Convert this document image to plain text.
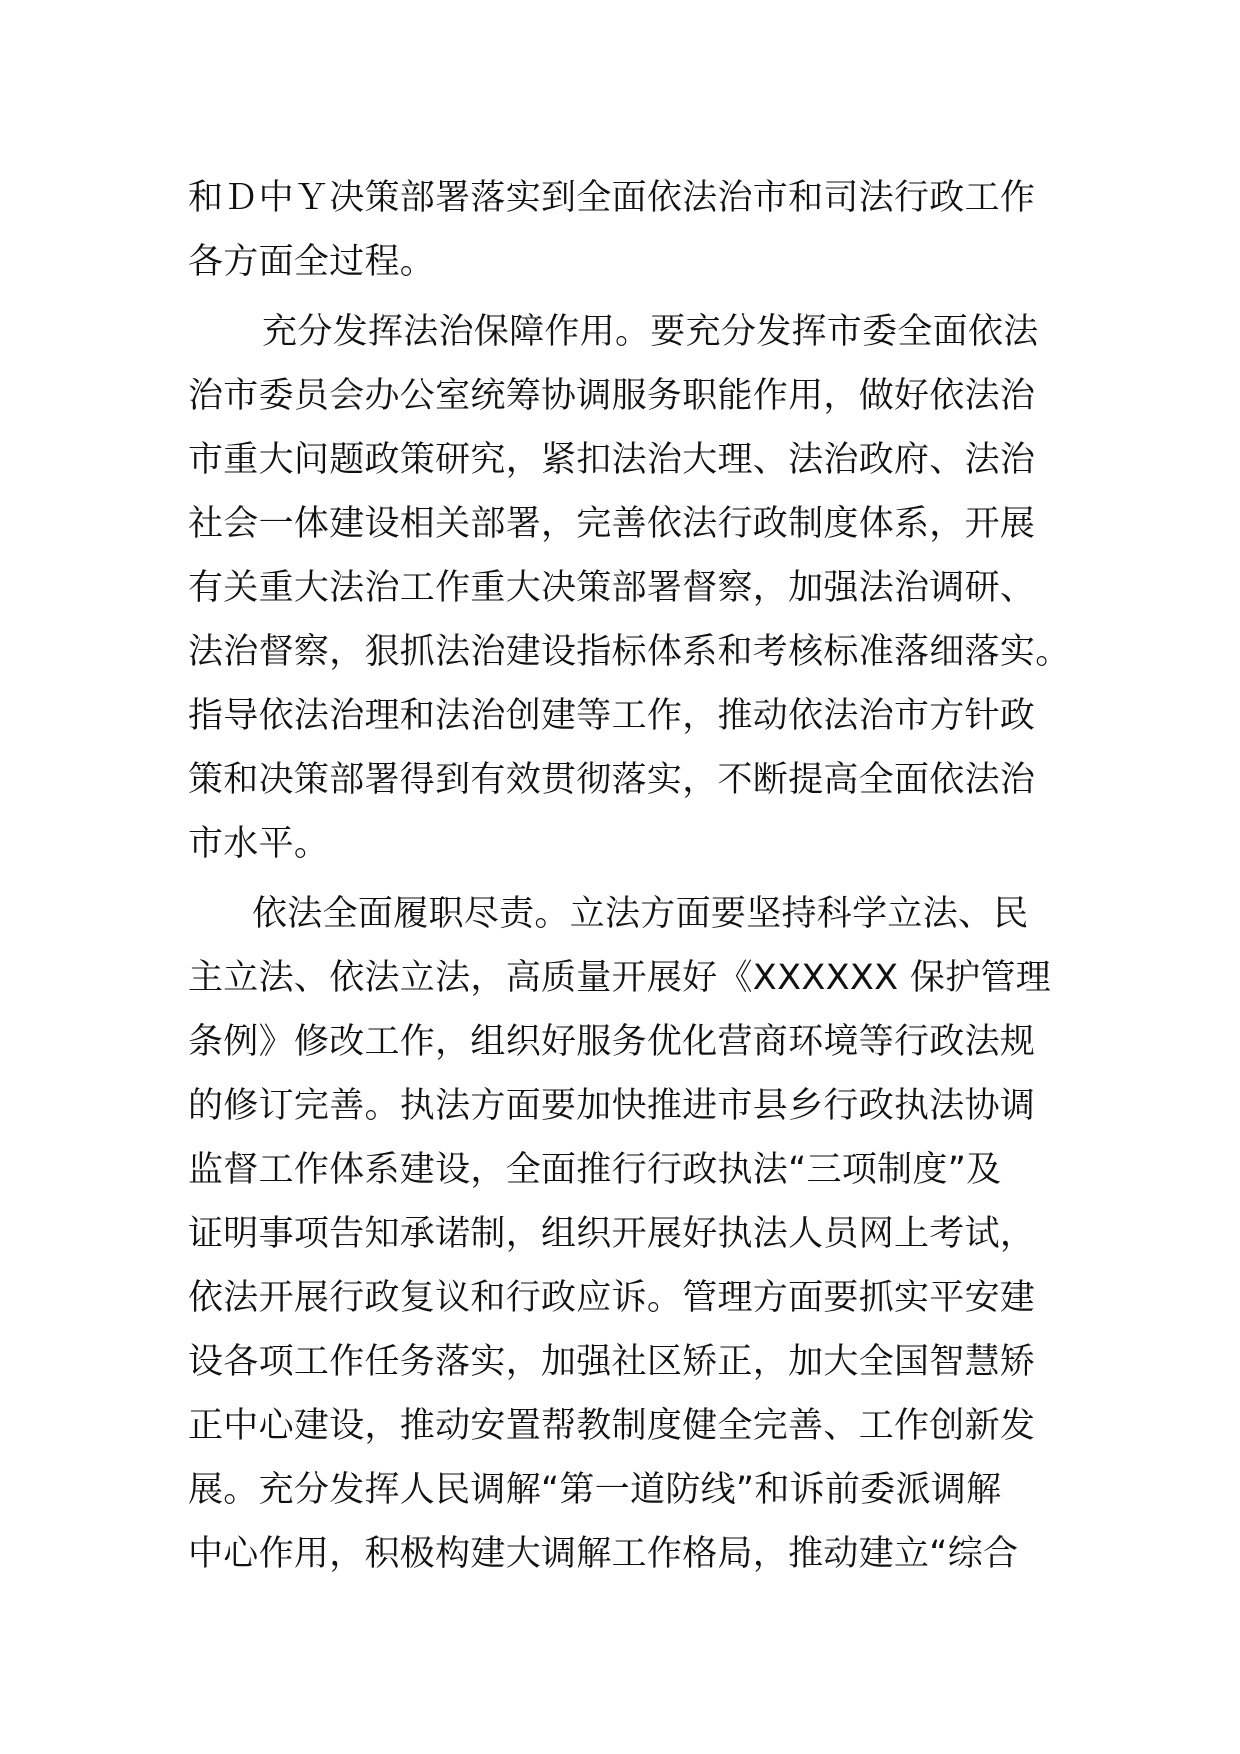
和Ｄ中Ｙ决策部署落实到全面依法治市和司法行政工作
各方面全过程。
充分发挥法治保障作用。要充分发挥市委全面依法
治市委员会办公室统筹协调服务职能作用，做好依法治
市重大问题政策研究，紧扣法治大理、法治政府、法治
社会一体建设相关部署，完善依法行政制度体系，开展
有关重大法治工作重大决策部署督察，加强法治调研、
法治督察，狠抓法治建设指标体系和考核标准落细落实。
指导依法治理和法治创建等工作，推动依法治市方针政
策和决策部署得到有效贯彻落实，不断提高全面依法治
市水平。
依法全面履职尽责。立法方面要坚持科学立法、民
主立法、依法立法，高质量开展好《XXXXXX 保护管理
条例》修改工作，组织好服务优化营商环境等行政法规
的修订完善。执法方面要加快推进市县乡行政执法协调
监督工作体系建设，全面推行行政执法“三项制度”及
证明事项告知承诺制，组织开展好执法人员网上考试，
依法开展行政复议和行政应诉。管理方面要抓实平安建
设各项工作任务落实，加强社区矫正，加大全国智慧矫
正中心建设，推动安置帮教制度健全完善、工作创新发
展。充分发挥人民调解“第一道防线”和诉前委派调解
中心作用，积极构建大调解工作格局，推动建立“综合
